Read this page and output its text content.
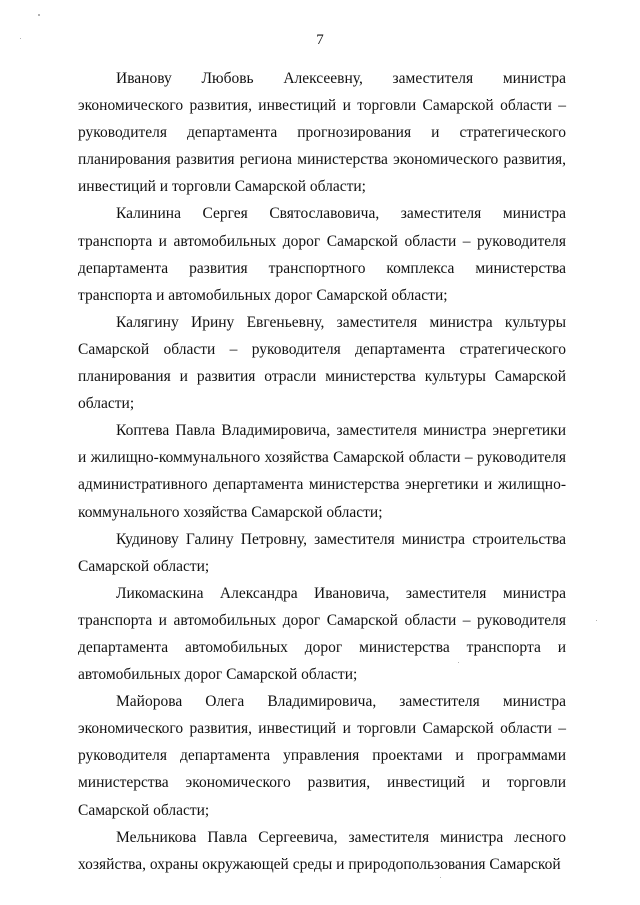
7

Иванову Любовь Алексеевну, заместителя министра экономического развития, инвестиций и торговли Самарской области – руководителя департамента прогнозирования и стратегического планирования развития региона министерства экономического развития, инвестиций и торговли Самарской области;

Калинина Сергея Святославовича, заместителя министра транспорта и автомобильных дорог Самарской области – руководителя департамента развития транспортного комплекса министерства транспорта и автомобильных дорог Самарской области;

Калягину Ирину Евгеньевну, заместителя министра культуры Самарской области – руководителя департамента стратегического планирования и развития отрасли министерства культуры Самарской области;

Коптева Павла Владимировича, заместителя министра энергетики и жилищно-коммунального хозяйства Самарской области – руководителя административного департамента министерства энергетики и жилищно-коммунального хозяйства Самарской области;

Кудинову Галину Петровну, заместителя министра строительства Самарской области;

Ликомаскина Александра Ивановича, заместителя министра транспорта и автомобильных дорог Самарской области – руководителя департамента автомобильных дорог министерства транспорта и автомобильных дорог Самарской области;

Майорова Олега Владимировича, заместителя министра экономического развития, инвестиций и торговли Самарской области – руководителя департамента управления проектами и программами министерства экономического развития, инвестиций и торговли Самарской области;

Мельникова Павла Сергеевича, заместителя министра лесного хозяйства, охраны окружающей среды и природопользования Самарской
